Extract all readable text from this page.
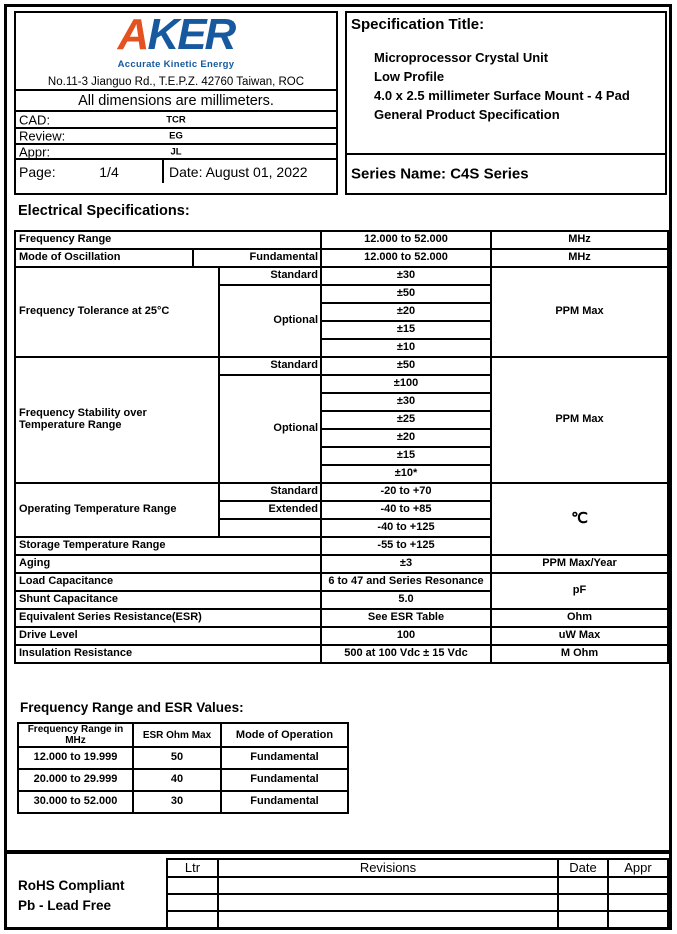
AKER
Accurate Kinetic Energy
No.11-3 Jianguo Rd., T.E.P.Z. 42760 Taiwan, ROC
All dimensions are millimeters.
CAD:	TCR
Review:	EG
Appr:	JL
Page:	1/4	Date: August 01, 2022
Specification Title:
Microprocessor Crystal Unit
Low Profile
4.0 x 2.5 millimeter Surface Mount - 4 Pad
General Product Specification
Series Name: C4S Series
Electrical Specifications:
Frequency Range			12.000 to 52.000	MHz
Mode of Oscillation	Fundamental		12.000 to 52.000	MHz
Frequency Tolerance at 25°C		Standard	±30	PPM Max
		Optional	±50	
			±20	
			±15	
			±10	
Frequency Stability over Temperature Range		Standard	±50	PPM Max
		Optional	±100	
			±30	
			±25	
			±20	
			±15	
			±10*	
Operating Temperature Range		Standard	-20 to +70	℃
		Extended	-40 to +85	
			-40 to +125	
Storage Temperature Range			-55 to +125	
Aging			±3	PPM Max/Year
Load Capacitance			6 to 47 and Series Resonance	pF
Shunt Capacitance			5.0	
Equivalent Series Resistance(ESR)			See ESR Table	Ohm
Drive Level			100	uW Max
Insulation Resistance			500 at 100 Vdc ± 15 Vdc	M Ohm
Frequency Range and ESR Values:
Frequency Range in MHz	ESR Ohm Max	Mode of Operation
12.000 to 19.999	50	Fundamental
20.000 to 29.999	40	Fundamental
30.000 to 52.000	30	Fundamental
RoHS Compliant
Pb - Lead Free
Ltr	Revisions	Date	Appr
